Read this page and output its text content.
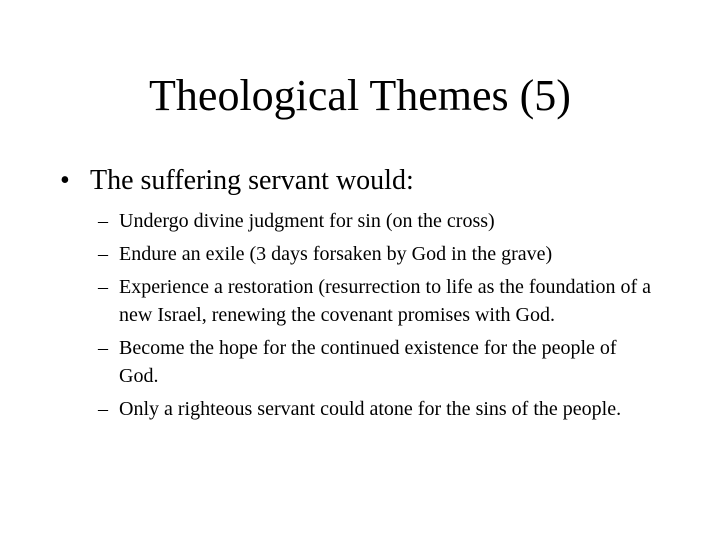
Theological Themes (5)
• The suffering servant would:
– Undergo divine judgment for sin (on the cross)
– Endure an exile (3 days forsaken by God in the grave)
– Experience a restoration (resurrection to life as the foundation of a new Israel, renewing the covenant promises with God.
– Become the hope for the continued existence for the people of God.
– Only a righteous servant could atone for the sins of the people.
